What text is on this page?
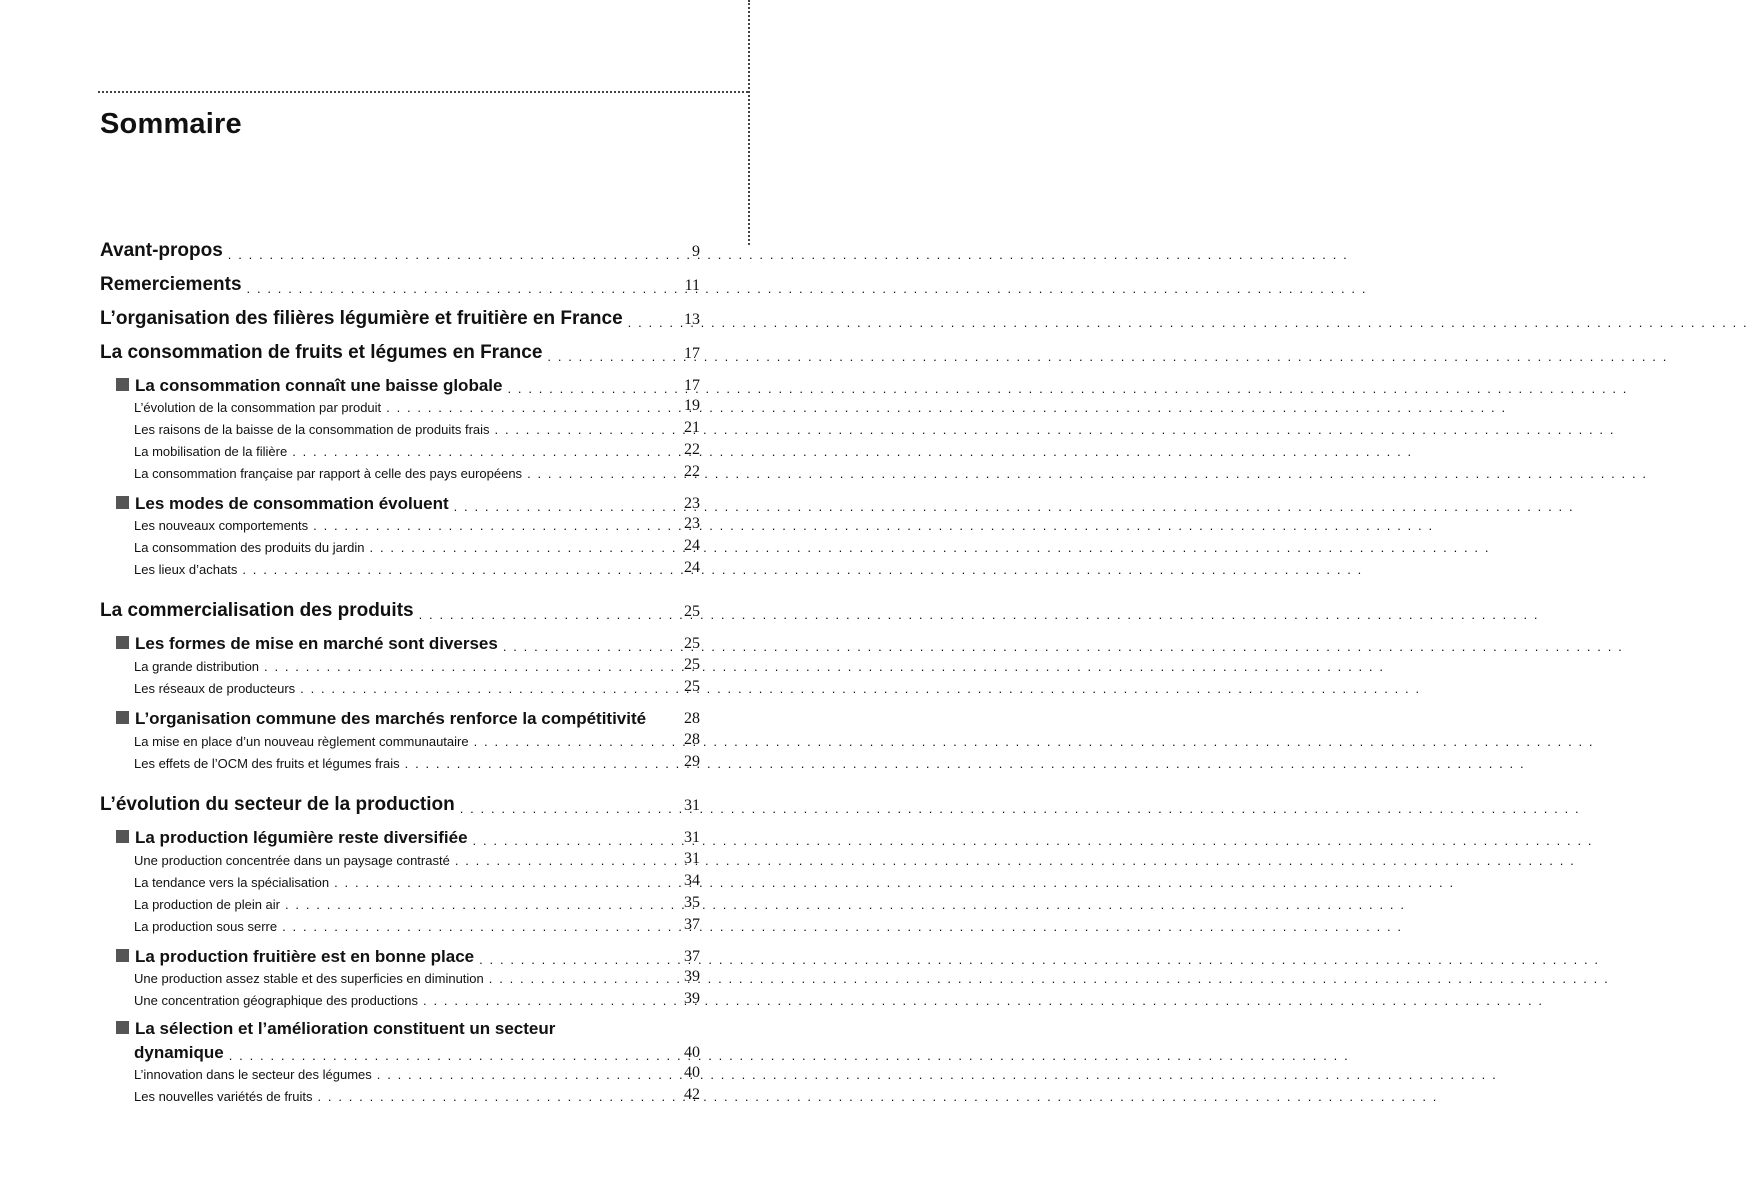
Sommaire
Avant-propos . . .	9
Remerciements . . .	11
L’organisation des filières légumière et fruitière en France . . .	13
La consommation de fruits et légumes en France . . .	17
La consommation connaît une baisse globale . . .	17
L’évolution de la consommation par produit . . .	19
Les raisons de la baisse de la consommation de produits frais . . .	21
La mobilisation de la filière . . .	22
La consommation française par rapport à celle des pays européens . . .	22
Les modes de consommation évoluent . . .	23
Les nouveaux comportements . . .	23
La consommation des produits du jardin . . .	24
Les lieux d’achats . . .	24
La commercialisation des produits . . .	25
Les formes de mise en marché sont diverses . . .	25
La grande distribution . . .	25
Les réseaux de producteurs . . .	25
L’organisation commune des marchés renforce la compétitivité . . .	28
La mise en place d’un nouveau règlement communautaire . . .	28
Les effets de l’OCM des fruits et légumes frais . . .	29
L’évolution du secteur de la production . . .	31
La production légumière reste diversifiée . . .	31
Une production concentrée dans un paysage contrasté . . .	31
La tendance vers la spécialisation . . .	34
La production de plein air . . .	35
La production sous serre . . .	37
La production fruitière est en bonne place . . .	37
Une production assez stable et des superficies en diminution . . .	39
Une concentration géographique des productions . . .	39
La sélection et l’amélioration constituent un secteur
dynamique . . .	40
L’innovation dans le secteur des légumes . . .	40
Les nouvelles variétés de fruits . . .	42
